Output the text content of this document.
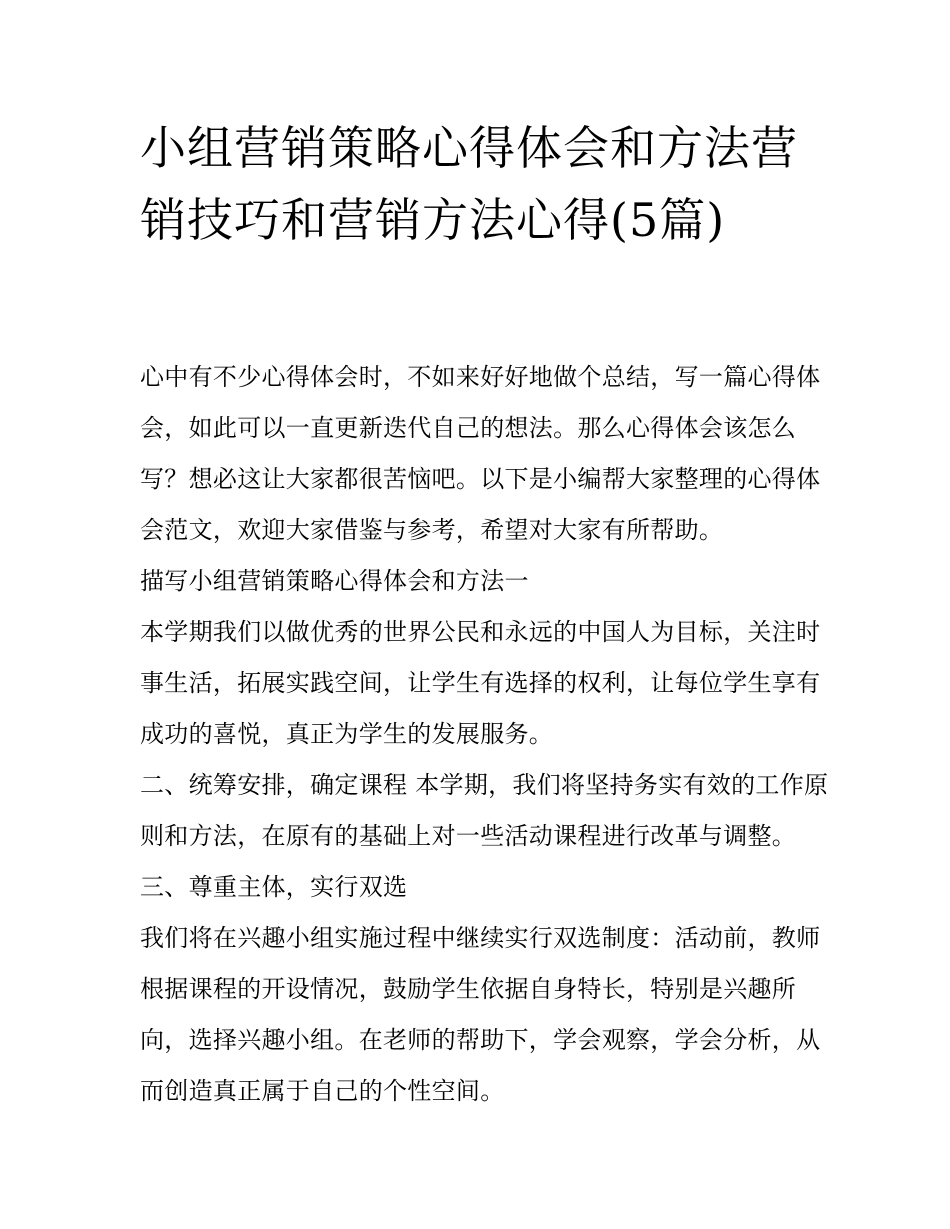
小组营销策略心得体会和方法营销技巧和营销方法心得(5篇)

心中有不少心得体会时，不如来好好地做个总结，写一篇心得体会，如此可以一直更新迭代自己的想法。那么心得体会该怎么写？想必这让大家都很苦恼吧。以下是小编帮大家整理的心得体会范文，欢迎大家借鉴与参考，希望对大家有所帮助。

描写小组营销策略心得体会和方法一

本学期我们以做优秀的世界公民和永远的中国人为目标，关注时事生活，拓展实践空间，让学生有选择的权利，让每位学生享有成功的喜悦，真正为学生的发展服务。

二、统筹安排，确定课程 本学期，我们将坚持务实有效的工作原则和方法，在原有的基础上对一些活动课程进行改革与调整。 三、尊重主体，实行双选

我们将在兴趣小组实施过程中继续实行双选制度：活动前，教师根据课程的开设情况，鼓励学生依据自身特长，特别是兴趣所向，选择兴趣小组。在老师的帮助下，学会观察，学会分析，从而创造真正属于自己的个性空间。
